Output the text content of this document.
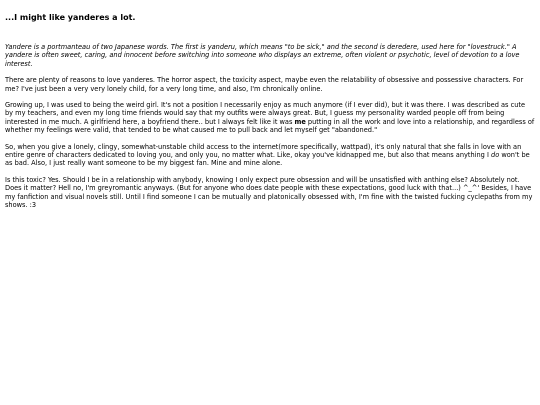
...I might like yanderes a lot.

Yandere is a portmanteau of two Japanese words. The first is yanderu, which means "to be sick," and the second is deredere, used here for "lovestruck." A yandere is often sweet, caring, and innocent before switching into someone who displays an extreme, often violent or psychotic, level of devotion to a love interest.

There are plenty of reasons to love yanderes. The horror aspect, the toxicity aspect, maybe even the relatability of obsessive and possessive characters. For me? I've just been a very very lonely child, for a very long time, and also, I'm chronically online.

Growing up, I was used to being the weird girl. It's not a position I necessarily enjoy as much anymore (if I ever did), but it was there. I was described as cute by my teachers, and even my long time friends would say that my outfits were always great. But, I guess my personality warded people off from being interested in me much. A girlfriend here, a boyfriend there.. but I always felt like it was me putting in all the work and love into a relationship, and regardless of whether my feelings were valid, that tended to be what caused me to pull back and let myself get "abandoned."

So, when you give a lonely, clingy, somewhat-unstable child access to the internet(more specifically, wattpad), it's only natural that she falls in love with an entire genre of characters dedicated to loving you, and only you, no matter what. Like, okay you've kidnapped me, but also that means anything I do won't be as bad. Also, I just really want someone to be my biggest fan. Mine and mine alone.

Is this toxic? Yes. Should I be in a relationship with anybody, knowing I only expect pure obsession and will be unsatisfied with anthing else? Absolutely not. Does it matter? Hell no, I'm greyromantic anyways. (But for anyone who does date people with these expectations, good luck with that...) ^_^' Besides, I have my fanfiction and visual novels still. Until I find someone I can be mutually and platonically obsessed with, I'm fine with the twisted fucking cyclepaths from my shows. :3
